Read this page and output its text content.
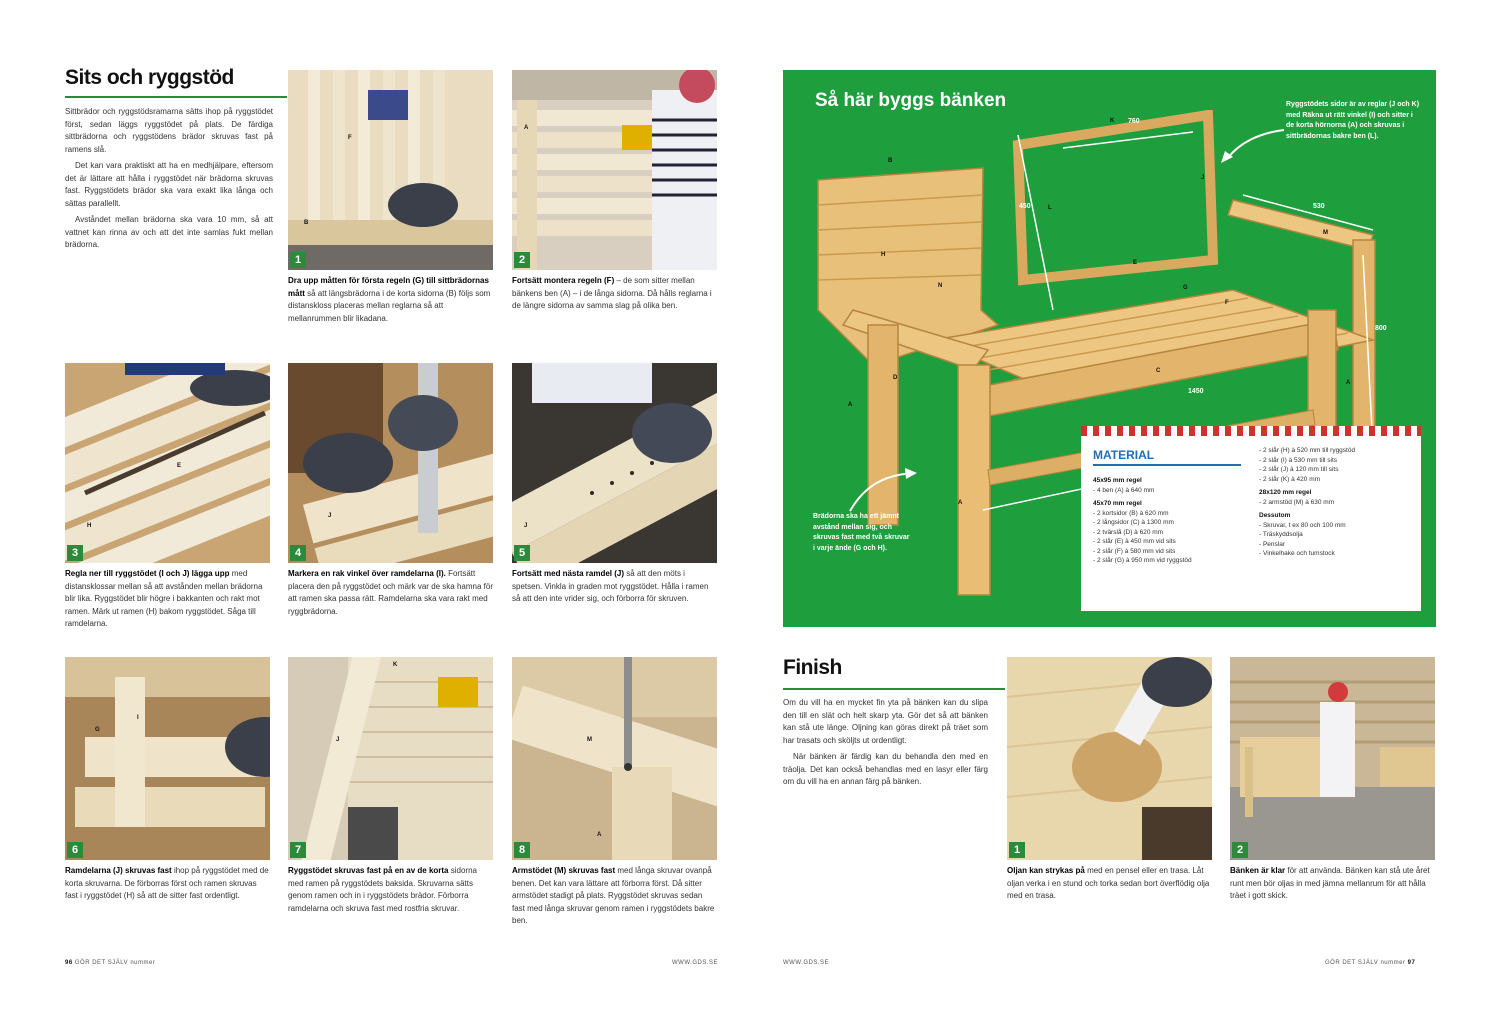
Sits och ryggstöd

Sittbrädor och ryggstödsramarna sätts ihop på ryggstödet först, sedan läggs ryggstödet på plats. De färdiga sittbrädorna och ryggstödens brädor skruvas fast på ramens slå.

Det kan vara praktiskt att ha en medhjälpare, eftersom det är lättare att hålla i ryggstödet när brädorna skruvas fast. Ryggstödets brädor ska vara exakt lika långa och sättas parallellt.

Avståndet mellan brädorna ska vara 10 mm, så att vattnet kan rinna av och att det inte samlas fukt mellan brädorna.

F
B
1
A
2
Dra upp måtten för första regeln (G) till sittbrädornas mått så att längsbrädorna i de korta sidorna (B) följs som distanskloss placeras mellan reglarna så att mellanrummen blir likadana.
Fortsätt montera regeln (F) – de som sitter mellan bänkens ben (A) – i de långa sidorna. Då hålls reglarna i de längre sidorna av samma slag på olika ben.
H
E
3
J
4
J
5
Regla ner till ryggstödet (I och J) lägga upp med distansklossar mellan så att avstånden mellan brädorna blir lika. Ryggstödet blir högre i bakkanten och rakt mot ramen. Märk ut ramen (H) bakom ryggstödet. Såga till ramdelarna.
Markera en rak vinkel över ramdelarna (I). Fortsätt placera den på ryggstödet och märk var de ska hamna för att ramen ska passa rätt. Ramdelarna ska vara rakt med ryggbrädorna.
Fortsätt med nästa ramdel (J) så att den möts i spetsen. Vinkla in graden mot ryggstödet. Hålla i ramen så att den inte vrider sig, och förborra för skruven.
I
G
6
J
K
7
M
A
8
Ramdelarna (J) skruvas fast ihop på ryggstödet med de korta skruvarna. De förborras först och ramen skruvas fast i ryggstödet (H) så att de sitter fast ordentligt.
Ryggstödet skruvas fast på en av de korta sidorna med ramen på ryggstödets baksida. Skruvarna sätts genom ramen och in i ryggstödets brädor. Förborra ramdelarna och skruva fast med rostfria skruvar.
Armstödet (M) skruvas fast med långa skruvar ovanpå benen. Det kan vara lättare att förborra först. Då sitter armstödet stadigt på plats. Ryggstödet skruvas sedan fast med långa skruvar genom ramen i ryggstödets bakre ben.
96 GÖR DET SJÄLV nummer	WWW.GDS.SE
Så här byggs bänken
B
H
N
K
J
L
E
G
F
C
M
A
A
A
D
450	530
800
1450
760
Ryggstödets sidor är av reglar (J och K) med Räkna ut rätt vinkel (I) och sitter i de korta hörnorna (A) och skruvas i sittbrädornas bakre ben (L).
Brädorna ska ha ett jämnt avstånd mellan sig, och skruvas fast med två skruvar i varje ände (G och H).
MATERIAL
45x95 mm regel
- 4 ben (A) à 640 mm
45x70 mm regel
- 2 kortsidor (B) à 620 mm
- 2 långsidor (C) à 1300 mm
- 2 tvärslå (D) à 620 mm
- 2 slår (E) à 450 mm vid sits
- 2 slår (F) à 580 mm vid sits
- 2 slår (G) à 950 mm vid ryggstöd
- 2 slår (H) à 520 mm till ryggstöd
- 2 slår (I) à 530 mm till sits
- 2 slår (J) à 120 mm till sits
- 2 slår (K) à 420 mm
28x120 mm regel
- 2 armstöd (M) à 630 mm
Dessutom
- Skruvar, t ex 80 och 100 mm
- Träskyddsolja
- Penslar
- Vinkelhake och tumstock
Finish

Om du vill ha en mycket fin yta på bänken kan du slipa den till en slät och helt skarp yta. Gör det så att bänken kan stå ute länge. Oljning kan göras direkt på träet som har trasats och sköljts ut ordentligt.

När bänken är färdig kan du behandla den med en träolja. Det kan också behandlas med en lasyr eller färg om du vill ha en annan färg på bänken.

1	2
Oljan kan strykas på med en pensel eller en trasa. Låt oljan verka i en stund och torka sedan bort överflödig olja med en trasa.
Bänken är klar för att använda. Bänken kan stå ute året runt men bör oljas in med jämna mellanrum för att hålla träet i gott skick.
WWW.GDS.SE	GÖR DET SJÄLV nummer 97
